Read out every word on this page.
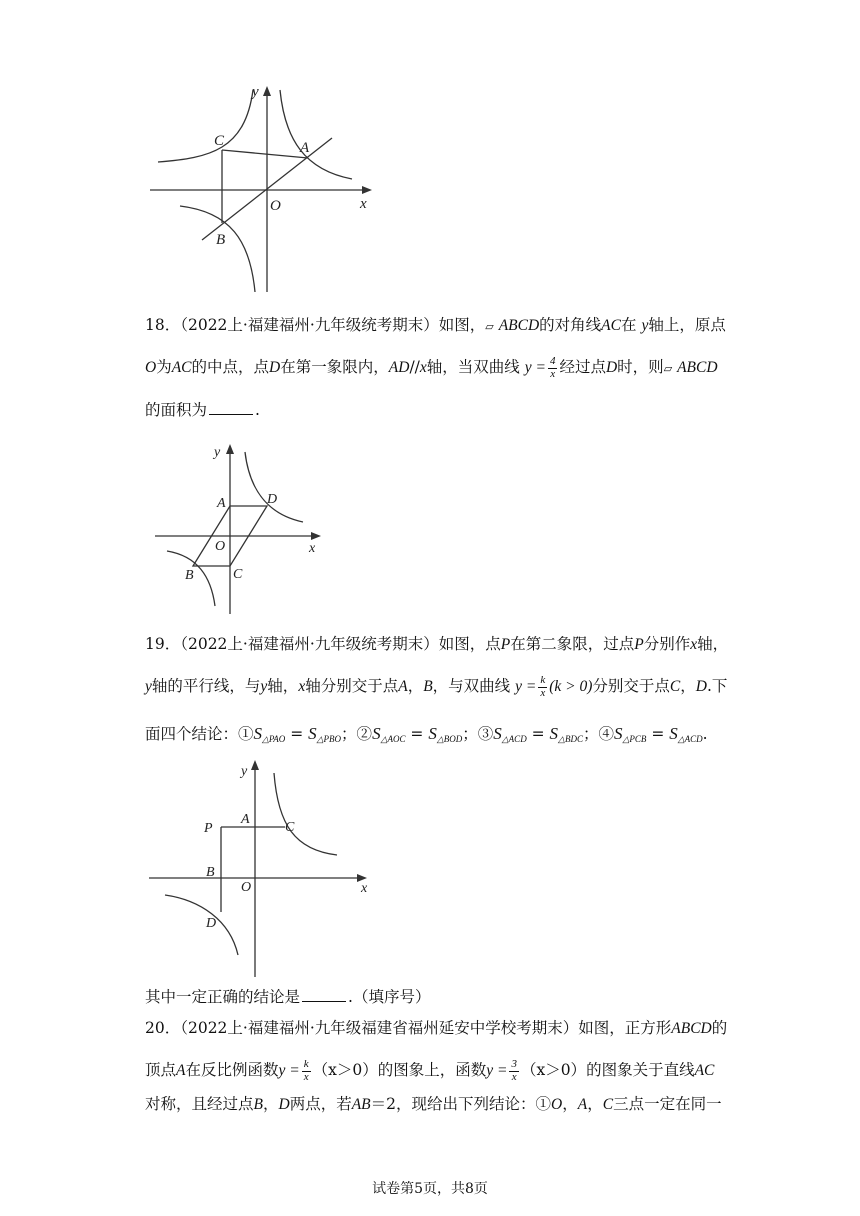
y
x
O
A
B
C
18．（2022上·福建福州·九年级统考期末）如图，▱ ABCD的对角线AC在 y轴上，原点
O为AC的中点，点D在第一象限内，AD//x轴，当双曲线 $y = \frac{4}{x}$ 经过点D时，则▱ ABCD
的面积为	.
y
x
O
A	D
C
B
19．（2022上·福建福州·九年级统考期末）如图，点P在第二象限，过点P分别作x轴，
y轴的平行线，与y轴，x轴分别交于点A，B，与双曲线 $y = \frac{k}{x} (k > 0)$分别交于点C，D.下
面四个结论：$①S_{\triangle PAO} = S_{\triangle PBO}$；$②S_{\triangle AOC} = S_{\triangle BOD}$；$③S_{\triangle ACD} = S_{\triangle BDC}$；$④S_{\triangle PCB} = S_{\triangle ACD}$.
y
x
O
P
A
C
B
D
其中一定正确的结论是	.（填序号）
20．（2022上·福建福州·九年级福建省福州延安中学校考期末）如图，正方形ABCD的
顶点A在反比例函数$y = \frac{k}{x} (x>0)$的图象上，函数$y = \frac{3}{x} (x>0)$的图象关于直线AC
对称，且经过点B，D两点，若AB＝2，现给出下列结论：①O，A，C三点一定在同一
试卷第5页，共8页
